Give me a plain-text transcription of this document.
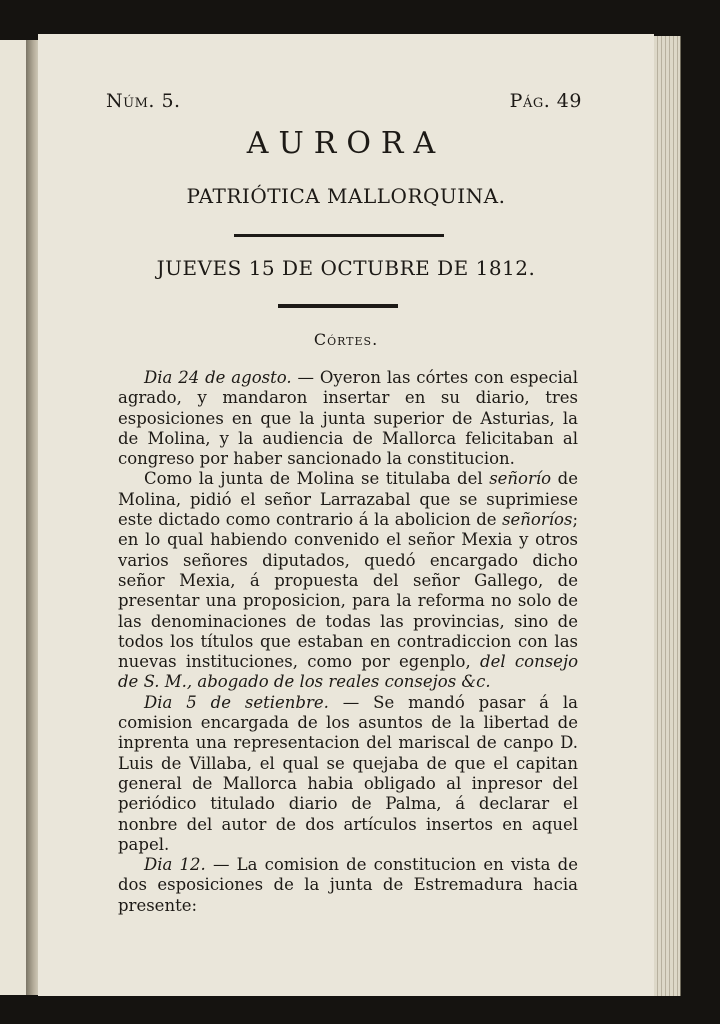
Núm. 5.	Pág. 49
AURORA
PATRIÓTICA MALLORQUINA.
JUEVES 15 DE OCTUBRE DE 1812.
Córtes.

Dia 24 de agosto. — Oyeron las córtes con especial agrado, y mandaron insertar en su diario, tres esposiciones en que la junta superior de Asturias, la de Molina, y la audiencia de Mallorca felicitaban al congreso por haber sancionado la constitucion.

Como la junta de Molina se titulaba del señorío de Molina, pidió el señor Larrazabal que se suprimiese este dictado como contrario á la abolicion de señoríos; en lo qual habiendo convenido el señor Mexia y otros varios señores diputados, quedó encargado dicho señor Mexia, á propuesta del señor Gallego, de presentar una proposicion, para la reforma no solo de las denominaciones de todas las provincias, sino de todos los títulos que estaban en contradiccion con las nuevas instituciones, como por egenplo, del consejo de S. M., abogado de los reales consejos &c.

Dia 5 de setienbre. — Se mandó pasar á la comision encargada de los asuntos de la libertad de inprenta una representacion del mariscal de canpo D. Luis de Villaba, el qual se quejaba de que el capitan general de Mallorca habia obligado al inpresor del periódico titulado diario de Palma, á declarar el nonbre del autor de dos artículos insertos en aquel papel.

Dia 12. — La comision de constitucion en vista de dos esposiciones de la junta de Estremadura hacia presente:
